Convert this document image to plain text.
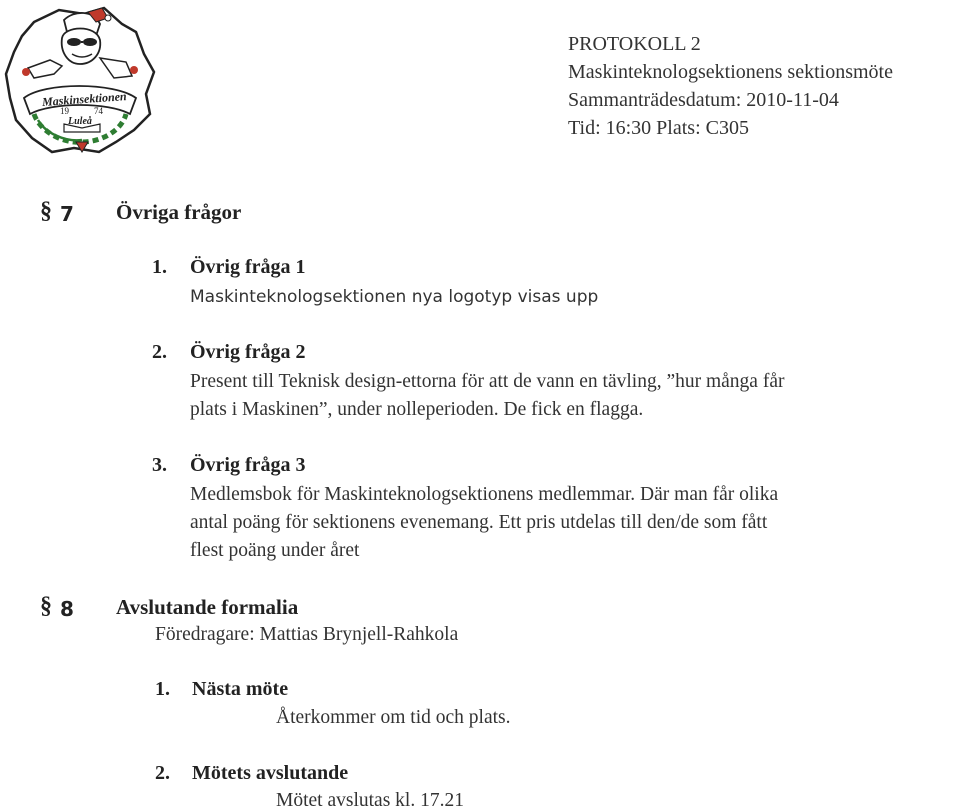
Maskinsektionen
19	74
Luleå
PROTOKOLL 2
Maskinteknologsektionens sektionsmöte
Sammanträdesdatum: 2010-11-04
Tid: 16:30 Plats: C305
§ 7 Övriga frågor
1. Övrig fråga 1
Maskinteknologsektionen nya logotyp visas upp
2. Övrig fråga 2
Present till Teknisk design-ettorna för att de vann en tävling, ”hur många får
plats i Maskinen”, under nolleperioden. De fick en flagga.
3. Övrig fråga 3
Medlemsbok för Maskinteknologsektionens medlemmar. Där man får olika
antal poäng för sektionens evenemang. Ett pris utdelas till den/de som fått
flest poäng under året
§ 8 Avslutande formalia
Föredragare: Mattias Brynjell-Rahkola
1. Nästa möte
Återkommer om tid och plats.
2. Mötets avslutande
Mötet avslutas kl. 17.21
